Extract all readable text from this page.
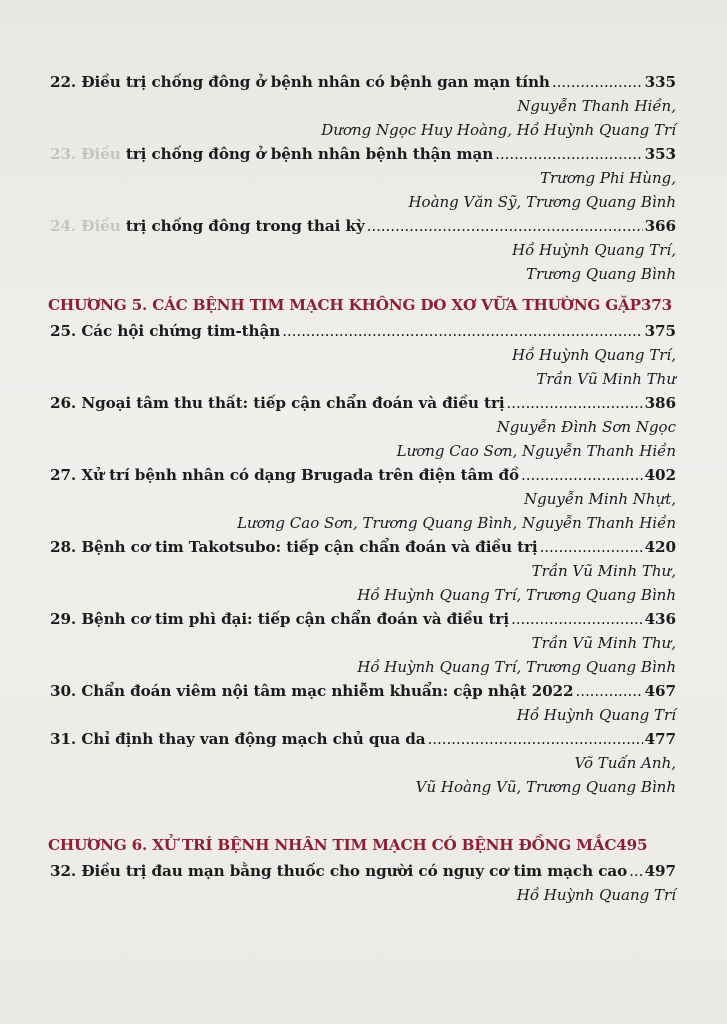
22. Điều trị chống đông ở bệnh nhân có bệnh gan mạn tính .....	335
Nguyễn Thanh Hiền,
Dương Ngọc Huy Hoàng, Hồ Huỳnh Quang Trí
23. Điều trị chống đông ở bệnh nhân bệnh thận mạn .....	353
Trương Phi Hùng,
Hoàng Văn Sỹ, Trương Quang Bình
24. Điều trị chống đông trong thai kỳ .....	366
Hồ Huỳnh Quang Trí,
Trương Quang Bình
CHƯƠNG 5. CÁC BỆNH TIM MẠCH KHÔNG DO XƠ VỮA THƯỜNG GẶP 373
25. Các hội chứng tim-thận .....	375
Hồ Huỳnh Quang Trí,
Trần Vũ Minh Thư
26. Ngoại tâm thu thất: tiếp cận chẩn đoán và điều trị .....	386
Nguyễn Đình Sơn Ngọc
Lương Cao Sơn, Nguyễn Thanh Hiền
27. Xử trí bệnh nhân có dạng Brugada trên điện tâm đồ .....	402
Nguyễn Minh Nhựt,
Lương Cao Sơn, Trương Quang Bình, Nguyễn Thanh Hiền
28. Bệnh cơ tim Takotsubo: tiếp cận chẩn đoán và điều trị .....	420
Trần Vũ Minh Thư,
Hồ Huỳnh Quang Trí, Trương Quang Bình
29. Bệnh cơ tim phì đại: tiếp cận chẩn đoán và điều trị .....	436
Trần Vũ Minh Thư,
Hồ Huỳnh Quang Trí, Trương Quang Bình
30. Chẩn đoán viêm nội tâm mạc nhiễm khuẩn: cập nhật 2022 .....	467
Hồ Huỳnh Quang Trí
31. Chỉ định thay van động mạch chủ qua da .....	477
Võ Tuấn Anh,
Vũ Hoàng Vũ, Trương Quang Bình
CHƯƠNG 6. XỬ TRÍ BỆNH NHÂN TIM MẠCH CÓ BỆNH ĐỒNG MẮC 495
32. Điều trị đau mạn bằng thuốc cho người có nguy cơ tim mạch cao ..... 497
Hồ Huỳnh Quang Trí
